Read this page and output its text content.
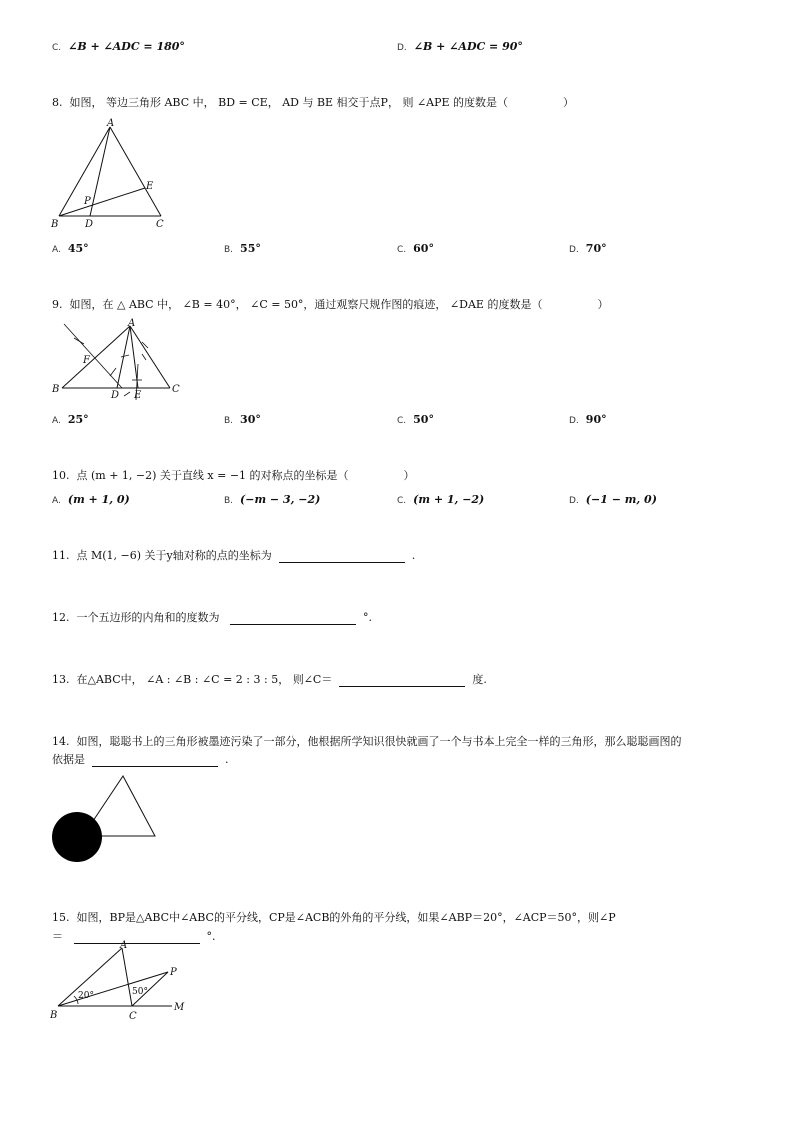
C. ∠B + ∠ADC = 180°	D. ∠B + ∠ADC = 90°
8. 如图， 等边三角形 ABC 中， BD = CE， AD 与 BE 相交于点P， 则 ∠APE 的度数是（　　　　　）
A
B	C
D
E
P
A. 45°	B. 55°	C. 60°	D. 70°
9. 如图，在 △ ABC 中， ∠B = 40°， ∠C = 50°，通过观察尺规作图的痕迹， ∠DAE 的度数是（　　　　　）
A
B	C
D E
F
A. 25°	B. 30°	C. 50°	D. 90°
10. 点 (m + 1, −2) 关于直线 x = −1 的对称点的坐标是（　　　　　）
A. (m + 1, 0)	B. (−m − 3, −2)	C. (m + 1, −2)	D. (−1 − m, 0)
11. 点 M(1, −6) 关于y轴对称的点的坐标为	.
12. 一个五边形的内角和的度数为	°.
13. 在△ABC中， ∠A : ∠B : ∠C = 2 : 3 : 5， 则∠C＝	度.
14. 如图，聪聪书上的三角形被墨迹污染了一部分，他根据所学知识很快就画了一个与书本上完全一样的三角形，那么聪聪画图的
依据是	.
15. 如图，BP是△ABC中∠ABC的平分线，CP是∠ACB的外角的平分线，如果∠ABP＝20°，∠ACP＝50°，则∠P
＝	°.
A
B	C
P
M
20°	50°
